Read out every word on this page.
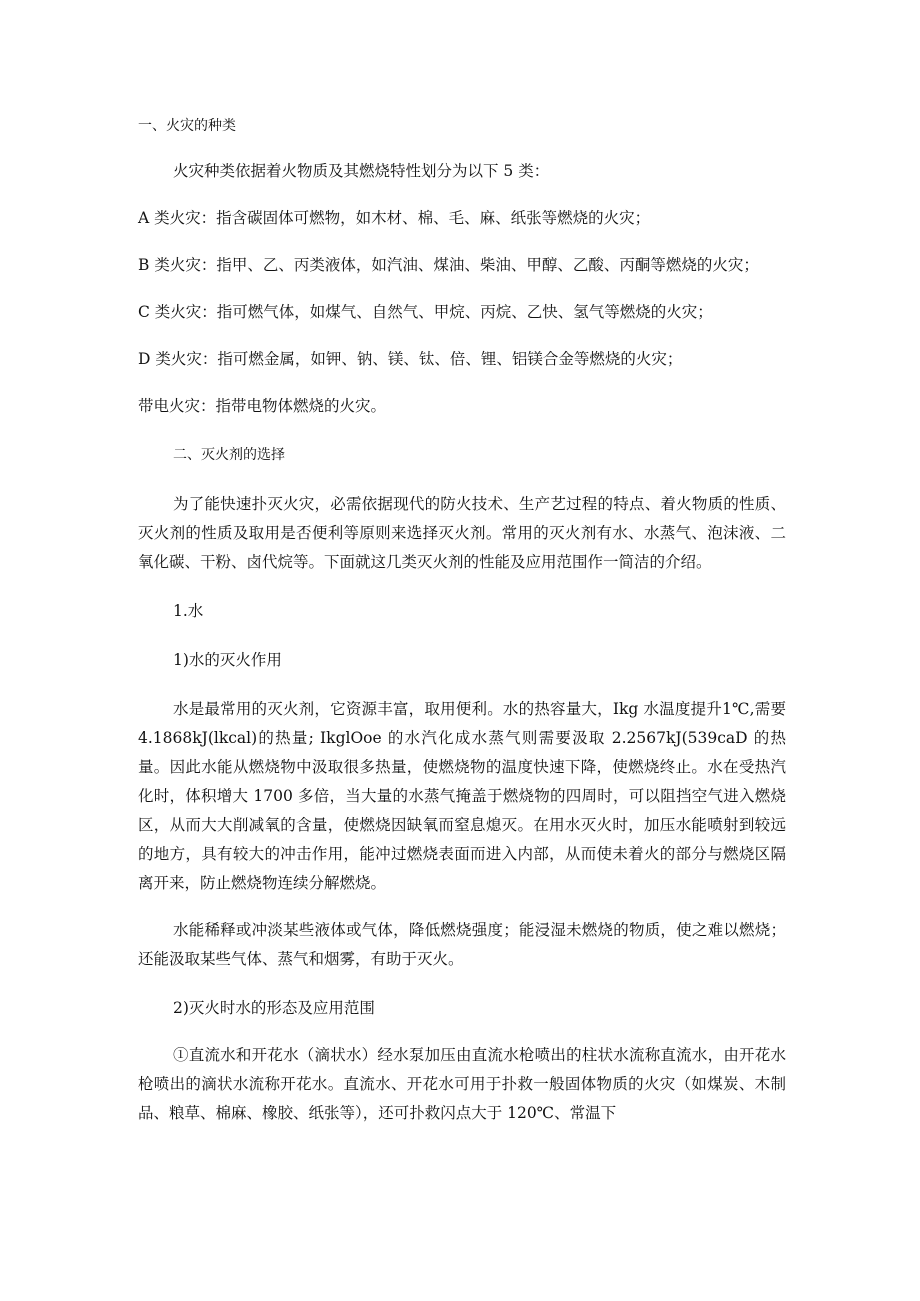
一、火灾的种类

火灾种类依据着火物质及其燃烧特性划分为以下 5 类：

A 类火灾：指含碳固体可燃物，如木材、棉、毛、麻、纸张等燃烧的火灾；

B 类火灾：指甲、乙、丙类液体，如汽油、煤油、柴油、甲醇、乙酸、丙酮等燃烧的火灾；

C 类火灾：指可燃气体，如煤气、自然气、甲烷、丙烷、乙快、氢气等燃烧的火灾；

D 类火灾：指可燃金属，如钾、钠、镁、钛、倍、锂、铝镁合金等燃烧的火灾；

带电火灾：指带电物体燃烧的火灾。

二、灭火剂的选择

为了能快速扑灭火灾，必需依据现代的防火技术、生产艺过程的特点、着火物质的性质、灭火剂的性质及取用是否便利等原则来选择灭火剂。常用的灭火剂有水、水蒸气、泡沫液、二氧化碳、干粉、卤代烷等。下面就这几类灭火剂的性能及应用范围作一简洁的介绍。

1.水

1)水的灭火作用

水是最常用的灭火剂，它资源丰富，取用便利。水的热容量大，Ikg 水温度提升1℃,需要 4.1868kJ(lkcal)的热量; IkglOoe 的水汽化成水蒸气则需要汲取 2.2567kJ(539caD 的热量。因此水能从燃烧物中汲取很多热量，使燃烧物的温度快速下降，使燃烧终止。水在受热汽化时，体积增大 1700 多倍，当大量的水蒸气掩盖于燃烧物的四周时，可以阻挡空气进入燃烧区，从而大大削减氧的含量，使燃烧因缺氧而窒息熄灭。在用水灭火时，加压水能喷射到较远的地方，具有较大的冲击作用，能冲过燃烧表面而进入内部，从而使未着火的部分与燃烧区隔离开来，防止燃烧物连续分解燃烧。

水能稀释或冲淡某些液体或气体，降低燃烧强度；能浸湿未燃烧的物质，使之难以燃烧；还能汲取某些气体、蒸气和烟雾，有助于灭火。

2)灭火时水的形态及应用范围

①直流水和开花水（滴状水）经水泵加压由直流水枪喷出的柱状水流称直流水，由开花水枪喷出的滴状水流称开花水。直流水、开花水可用于扑救一般固体物质的火灾（如煤炭、木制品、粮草、棉麻、橡胶、纸张等），还可扑救闪点大于 120℃、常温下
